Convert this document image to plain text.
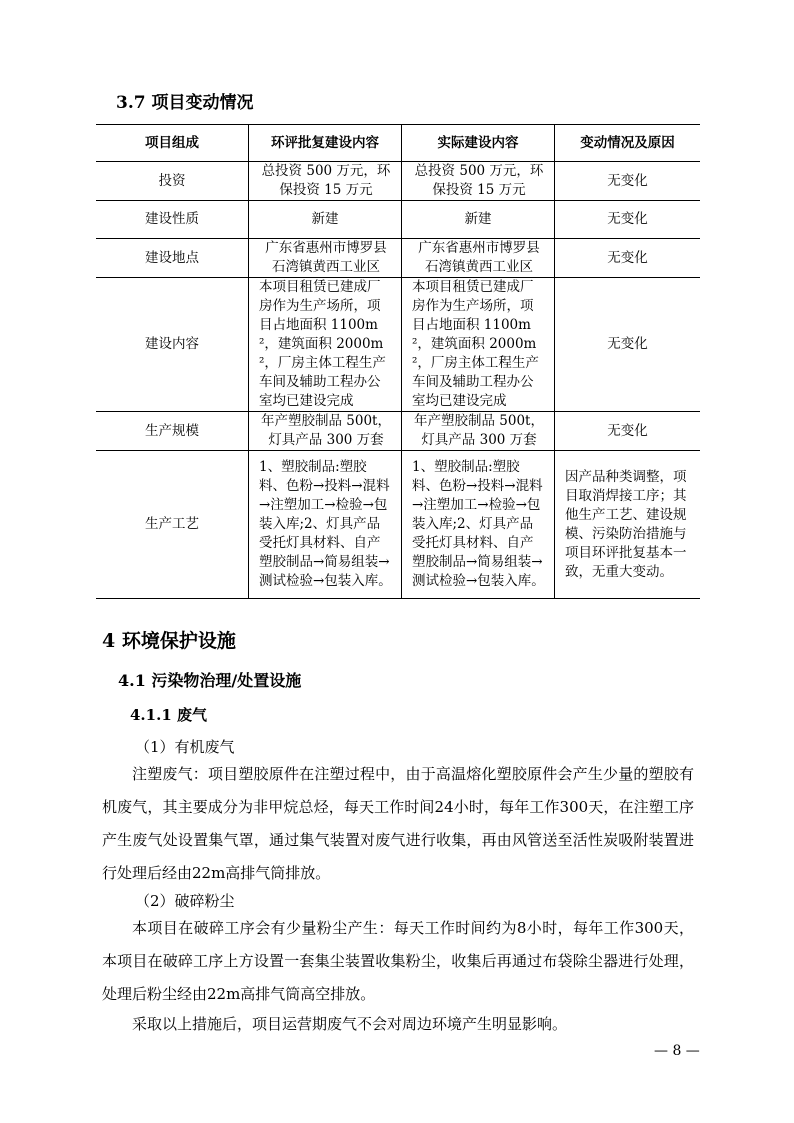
3.7 项目变动情况
项目组成	环评批复建设内容	实际建设内容	变动情况及原因
投资	总投资 500 万元，环保投资 15 万元	总投资 500 万元，环保投资 15 万元	无变化
建设性质	新建	新建	无变化
建设地点	广东省惠州市博罗县石湾镇黄西工业区	广东省惠州市博罗县石湾镇黄西工业区	无变化
建设内容	本项目租赁已建成厂房作为生产场所，项目占地面积 1100m²，建筑面积 2000m²，厂房主体工程生产车间及辅助工程办公室均已建设完成	本项目租赁已建成厂房作为生产场所，项目占地面积 1100m²，建筑面积 2000m²，厂房主体工程生产车间及辅助工程办公室均已建设完成	无变化
生产规模	年产塑胶制品 500t，灯具产品 300 万套	年产塑胶制品 500t，灯具产品 300 万套	无变化
生产工艺	1、塑胶制品:塑胶料、色粉→投料→混料→注塑加工→检验→包装入库;2、灯具产品受托灯具材料、自产塑胶制品→简易组装→测试检验→包装入库。	1、塑胶制品:塑胶料、色粉→投料→混料→注塑加工→检验→包装入库;2、灯具产品受托灯具材料、自产塑胶制品→简易组装→测试检验→包装入库。	因产品种类调整，项目取消焊接工序；其他生产工艺、建设规模、污染防治措施与项目环评批复基本一致，无重大变动。
4 环境保护设施
4.1 污染物治理/处置设施
4.1.1 废气
（1）有机废气
注塑废气：项目塑胶原件在注塑过程中，由于高温熔化塑胶原件会产生少量的塑胶有机废气，其主要成分为非甲烷总烃，每天工作时间24小时，每年工作300天，在注塑工序产生废气处设置集气罩，通过集气装置对废气进行收集，再由风管送至活性炭吸附装置进行处理后经由22m高排气筒排放。
（2）破碎粉尘
本项目在破碎工序会有少量粉尘产生：每天工作时间约为8小时，每年工作300天，本项目在破碎工序上方设置一套集尘装置收集粉尘，收集后再通过布袋除尘器进行处理，处理后粉尘经由22m高排气筒高空排放。
采取以上措施后，项目运营期废气不会对周边环境产生明显影响。
— 8 —
